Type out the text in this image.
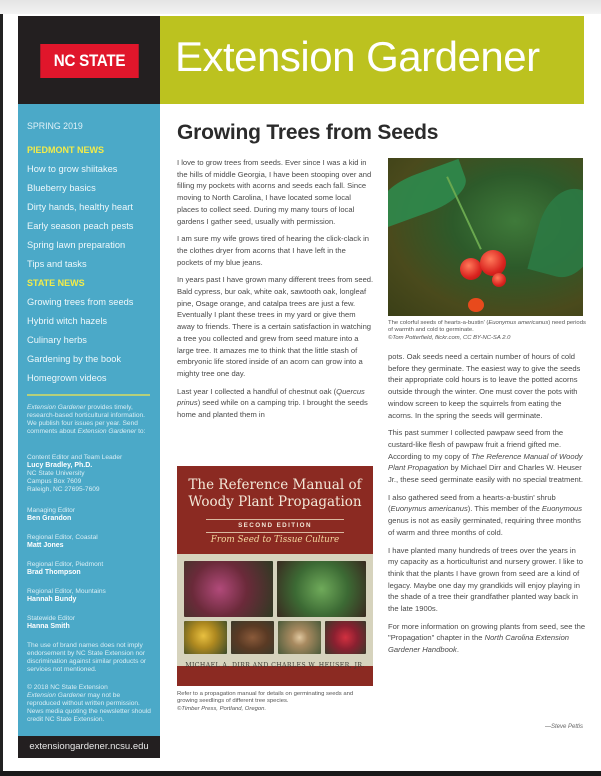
NC STATE	Extension Gardener
SPRING 2019
PIEDMONT NEWS
How to grow shiitakes
Blueberry basics
Dirty hands, healthy heart
Early season peach pests
Spring lawn preparation
Tips and tasks
STATE NEWS
Growing trees from seeds
Hybrid witch hazels
Culinary herbs
Gardening by the book
Homegrown videos
Extension Gardener provides timely, research-based horticultural information. We publish four issues per year. Send comments about Extension Gardener to:
Content Editor and Team Leader
Lucy Bradley, Ph.D.
NC State University
Campus Box 7609
Raleigh, NC 27695-7609
Managing Editor
Ben Grandon
Regional Editor, Coastal
Matt Jones
Regional Editor, Piedmont
Brad Thompson
Regional Editor, Mountains
Hannah Bundy
Statewide Editor
Hanna Smith
The use of brand names does not imply endorsement by NC State Extension nor discrimination against similar products or services not mentioned.
© 2018 NC State Extension
Extension Gardener may not be reproduced without written permission. News media quoting the newsletter should credit NC State Extension.
extensiongardener.ncsu.edu
Growing Trees from Seeds

I love to grow trees from seeds. Ever since I was a kid in the hills of middle Georgia, I have been stooping over and filling my pockets with acorns and seeds each fall. Since moving to North Carolina, I have located some local places to collect seed. During my many tours of local gardens I gather seed, usually with permission.

I am sure my wife grows tired of hearing the click-clack in the clothes dryer from acorns that I have left in the pockets of my blue jeans.

In years past I have grown many different trees from seed. Bald cypress, bur oak, white oak, sawtooth oak, longleaf pine, Osage orange, and catalpa trees are just a few. Eventually I plant these trees in my yard or give them away to friends. There is a certain satisfaction in watching a tree you collected and grew from seed mature into a large tree. It amazes me to think that the little stash of embryonic life stored inside of an acorn can grow into a mighty tree one day.

Last year I collected a handful of chestnut oak (Quercus prinus) seed while on a camping trip. I brought the seeds home and planted them in

The colorful seeds of hearts-a-bustin' (Euonymus americanus) need periods of warmth and cold to germinate.
©Tom Potterfield, flickr.com, CC BY-NC-SA 2.0

pots. Oak seeds need a certain number of hours of cold before they germinate. The easiest way to give the seeds their appropriate cold hours is to leave the potted acorns outside through the winter. One must cover the pots with window screen to keep the squirrels from eating the acorns. In the spring the seeds will germinate.

This past summer I collected pawpaw seed from the custard-like flesh of pawpaw fruit a friend gifted me. According to my copy of The Reference Manual of Woody Plant Propagation by Michael Dirr and Charles W. Heuser Jr., these seed germinate easily with no special treatment.

I also gathered seed from a hearts-a-bustin' shrub (Euonymus americanus). This member of the Euonymous genus is not as easily germinated, requiring three months of warm and three months of cold.

I have planted many hundreds of trees over the years in my capacity as a horticulturist and nursery grower. I like to think that the plants I have grown from seed are a kind of legacy. Maybe one day my grandkids will enjoy playing in the shade of a tree their grandfather planted way back in the late 1900s.

For more information on growing plants from seed, see the "Propagation" chapter in the North Carolina Extension Gardener Handbook.

—Steve Pettis
The Reference Manual of
Woody Plant Propagation
SECOND EDITION
From Seed to Tissue Culture
MICHAEL A. DIRR AND CHARLES W. HEUSER, JR.
Refer to a propagation manual for details on germinating seeds and growing seedlings of different tree species.
©Timber Press, Portland, Oregon.
